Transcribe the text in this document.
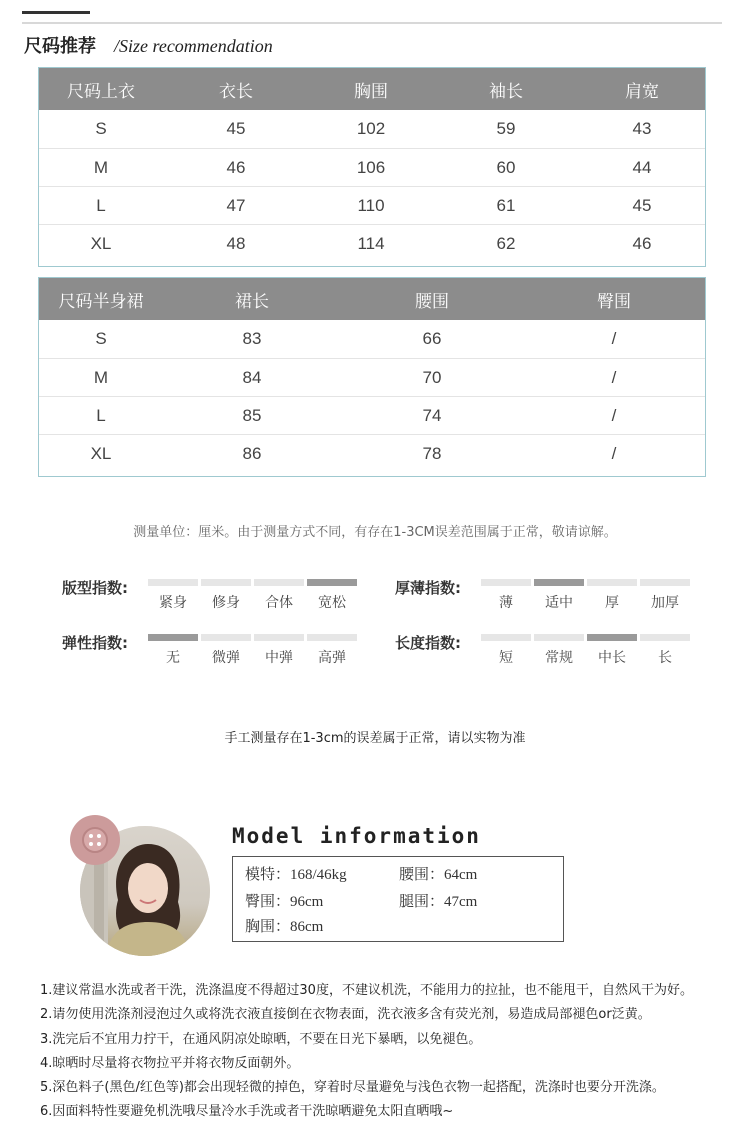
尺码推荐 /Size recommendation
尺码上衣	衣长	胸围	袖长	肩宽
S	45	102	59	43
M	46	106	60	44
L	47	110	61	45
XL	48	114	62	46
尺码半身裙	裙长	腰围	臀围
S	83	66	/
M	84	70	/
L	85	74	/
XL	86	78	/
测量单位：厘米。由于测量方式不同，有存在1-3CM误差范围属于正常，敬请谅解。
版型指数:
紧身	修身	合体	宽松
厚薄指数:
薄	适中	厚	加厚
弹性指数:
无	微弹	中弹	高弹
长度指数:
短	常规	中长	长
手工测量存在1-3cm的误差属于正常，请以实物为准
Model information
模特：168/46kg	腰围：64cm
臀围：96cm	腿围：47cm
胸围：86cm
1.建议常温水洗或者干洗，洗涤温度不得超过30度，不建议机洗，不能用力的拉扯，也不能甩干，自然风干为好。
2.请勿使用洗涤剂浸泡过久或将洗衣液直接倒在衣物表面，洗衣液多含有荧光剂，易造成局部褪色or泛黄。
3.洗完后不宜用力拧干，在通风阴凉处晾晒，不要在日光下暴晒，以免褪色。
4.晾晒时尽量将衣物拉平并将衣物反面朝外。
5.深色料子(黑色/红色等)都会出现轻微的掉色，穿着时尽量避免与浅色衣物一起搭配，洗涤时也要分开洗涤。
6.因面料特性要避免机洗哦尽量冷水手洗或者干洗晾晒避免太阳直晒哦~
